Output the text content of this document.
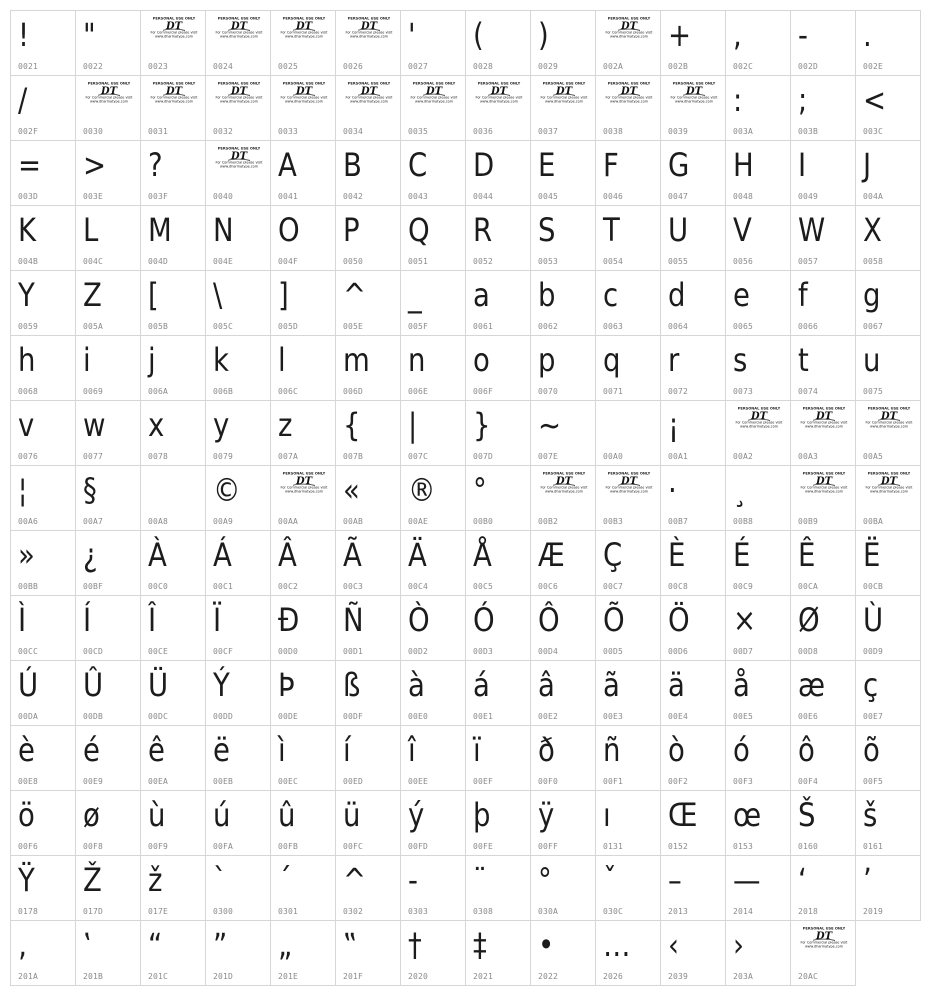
!
0021
"
0022
PERSONAL USE ONLY
DT
For Commercial please visit
www.dharmatype.com
0023
PERSONAL USE ONLY
DT
For Commercial please visit
www.dharmatype.com
0024
PERSONAL USE ONLY
DT
For Commercial please visit
www.dharmatype.com
0025
PERSONAL USE ONLY
DT
For Commercial please visit
www.dharmatype.com
0026
'
0027
(
0028
)
0029
PERSONAL USE ONLY
DT
For Commercial please visit
www.dharmatype.com
002A
+
002B
,
002C
-
002D
.
002E
/
002F
PERSONAL USE ONLY
DT
For Commercial please visit
www.dharmatype.com
0030
PERSONAL USE ONLY
DT
For Commercial please visit
www.dharmatype.com
0031
PERSONAL USE ONLY
DT
For Commercial please visit
www.dharmatype.com
0032
PERSONAL USE ONLY
DT
For Commercial please visit
www.dharmatype.com
0033
PERSONAL USE ONLY
DT
For Commercial please visit
www.dharmatype.com
0034
PERSONAL USE ONLY
DT
For Commercial please visit
www.dharmatype.com
0035
PERSONAL USE ONLY
DT
For Commercial please visit
www.dharmatype.com
0036
PERSONAL USE ONLY
DT
For Commercial please visit
www.dharmatype.com
0037
PERSONAL USE ONLY
DT
For Commercial please visit
www.dharmatype.com
0038
PERSONAL USE ONLY
DT
For Commercial please visit
www.dharmatype.com
0039
:
003A
;
003B
<
003C
=
003D
>
003E
?
003F
PERSONAL USE ONLY
DT
For Commercial please visit
www.dharmatype.com
0040
A
0041
B
0042
C
0043
D
0044
E
0045
F
0046
G
0047
H
0048
I
0049
J
004A
K
004B
L
004C
M
004D
N
004E
O
004F
P
0050
Q
0051
R
0052
S
0053
T
0054
U
0055
V
0056
W
0057
X
0058
Y
0059
Z
005A
[
005B
\
005C
]
005D
^
005E
_
005F
a
0061
b
0062
c
0063
d
0064
e
0065
f
0066
g
0067
h
0068
i
0069
j
006A
k
006B
l
006C
m
006D
n
006E
o
006F
p
0070
q
0071
r
0072
s
0073
t
0074
u
0075
v
0076
w
0077
x
0078
y
0079
z
007A
{
007B
|
007C
}
007D
~
007E	00A0
¡
00A1
PERSONAL USE ONLY
DT
For Commercial please visit
www.dharmatype.com
00A2
PERSONAL USE ONLY
DT
For Commercial please visit
www.dharmatype.com
00A3
PERSONAL USE ONLY
DT
For Commercial please visit
www.dharmatype.com
00A5
¦
00A6
§
00A7	00A8
©
00A9
PERSONAL USE ONLY
DT
For Commercial please visit
www.dharmatype.com
00AA
«
00AB
®
00AE
°
00B0
PERSONAL USE ONLY
DT
For Commercial please visit
www.dharmatype.com
00B2
PERSONAL USE ONLY
DT
For Commercial please visit
www.dharmatype.com
00B3
·
00B7
¸
00B8
PERSONAL USE ONLY
DT
For Commercial please visit
www.dharmatype.com
00B9
PERSONAL USE ONLY
DT
For Commercial please visit
www.dharmatype.com
00BA
»
00BB
¿
00BF
À
00C0
Á
00C1
Â
00C2
Ã
00C3
Ä
00C4
Å
00C5
Æ
00C6
Ç
00C7
È
00C8
É
00C9
Ê
00CA
Ë
00CB
Ì
00CC
Í
00CD
Î
00CE
Ï
00CF
Đ
00D0
Ñ
00D1
Ò
00D2
Ó
00D3
Ô
00D4
Õ
00D5
Ö
00D6
×
00D7
Ø
00D8
Ù
00D9
Ú
00DA
Û
00DB
Ü
00DC
Ý
00DD
Þ
00DE
ß
00DF
à
00E0
á
00E1
â
00E2
ã
00E3
ä
00E4
å
00E5
æ
00E6
ç
00E7
è
00E8
é
00E9
ê
00EA
ë
00EB
ì
00EC
í
00ED
î
00EE
ï
00EF
ð
00F0
ñ
00F1
ò
00F2
ó
00F3
ô
00F4
õ
00F5
ö
00F6
ø
00F8
ù
00F9
ú
00FA
û
00FB
ü
00FC
ý
00FD
þ
00FE
ÿ
00FF
ı
0131
Œ
0152
œ
0153
Š
0160
š
0161
Ÿ
0178
Ž
017D
ž
017E
`
0300
´
0301
^
0302
-
0303
¨
0308
°
030A
ˇ
030C
–
2013
—
2014
‘
2018
’
2019
‚
201A
‛
201B
“
201C
”
201D
„
201E
‟
201F
†
2020
‡
2021
•
2022
…
2026
‹
2039
›
203A
PERSONAL USE ONLY
DT
For Commercial please visit
www.dharmatype.com
20AC
